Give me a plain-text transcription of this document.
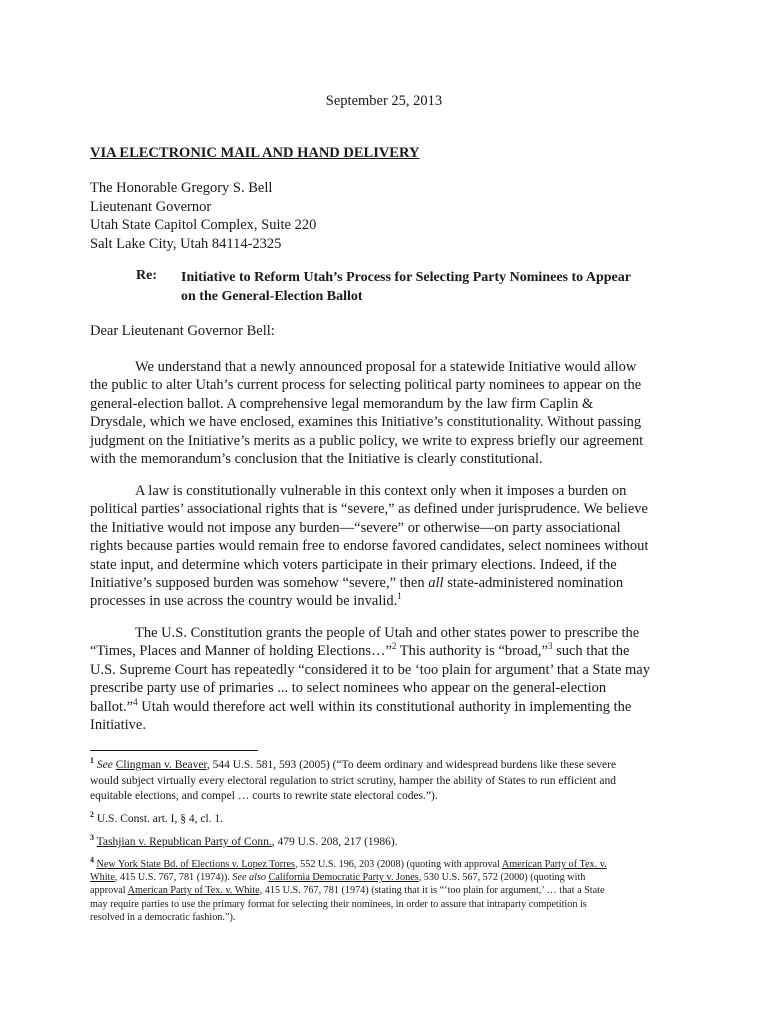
September 25, 2013
VIA ELECTRONIC MAIL AND HAND DELIVERY
The Honorable Gregory S. Bell
Lieutenant Governor
Utah State Capitol Complex, Suite 220
Salt Lake City, Utah 84114-2325
Re: Initiative to Reform Utah’s Process for Selecting Party Nominees to Appear
on the General-Election Ballot
Dear Lieutenant Governor Bell:
We understand that a newly announced proposal for a statewide Initiative would allow
the public to alter Utah’s current process for selecting political party nominees to appear on the
general-election ballot. A comprehensive legal memorandum by the law firm Caplin &
Drysdale, which we have enclosed, examines this Initiative’s constitutionality. Without passing
judgment on the Initiative’s merits as a public policy, we write to express briefly our agreement
with the memorandum’s conclusion that the Initiative is clearly constitutional.
A law is constitutionally vulnerable in this context only when it imposes a burden on
political parties’ associational rights that is “severe,” as defined under jurisprudence. We believe
the Initiative would not impose any burden—“severe” or otherwise—on party associational
rights because parties would remain free to endorse favored candidates, select nominees without
state input, and determine which voters participate in their primary elections. Indeed, if the
Initiative’s supposed burden was somehow “severe,” then all state-administered nomination
processes in use across the country would be invalid.$^1$
The U.S. Constitution grants the people of Utah and other states power to prescribe the
“Times, Places and Manner of holding Elections…”$^2$ This authority is “broad,”$^3$ such that the
U.S. Supreme Court has repeatedly “considered it to be ‘too plain for argument’ that a State may
prescribe party use of primaries ... to select nominees who appear on the general-election
ballot.”$^4$ Utah would therefore act well within its constitutional authority in implementing the
Initiative.
$^1$ See Clingman v. Beaver, 544 U.S. 581, 593 (2005) (“To deem ordinary and widespread burdens like these severe
would subject virtually every electoral regulation to strict scrutiny, hamper the ability of States to run efficient and
equitable elections, and compel … courts to rewrite state electoral codes.”).
$^2$ U.S. Const. art. I, § 4, cl. 1.
$^3$ Tashjian v. Republican Party of Conn., 479 U.S. 208, 217 (1986).
$^4$ New York State Bd. of Elections v. Lopez Torres, 552 U.S. 196, 203 (2008) (quoting with approval American Party of Tex. v.
White, 415 U.S. 767, 781 (1974)). See also California Democratic Party v. Jones, 530 U.S. 567, 572 (2000) (quoting with
approval American Party of Tex. v. White, 415 U.S. 767, 781 (1974) (stating that it is “‘too plain for argument,’ … that a State
may require parties to use the primary format for selecting their nominees, in order to assure that intraparty competition is
resolved in a democratic fashion.”).
